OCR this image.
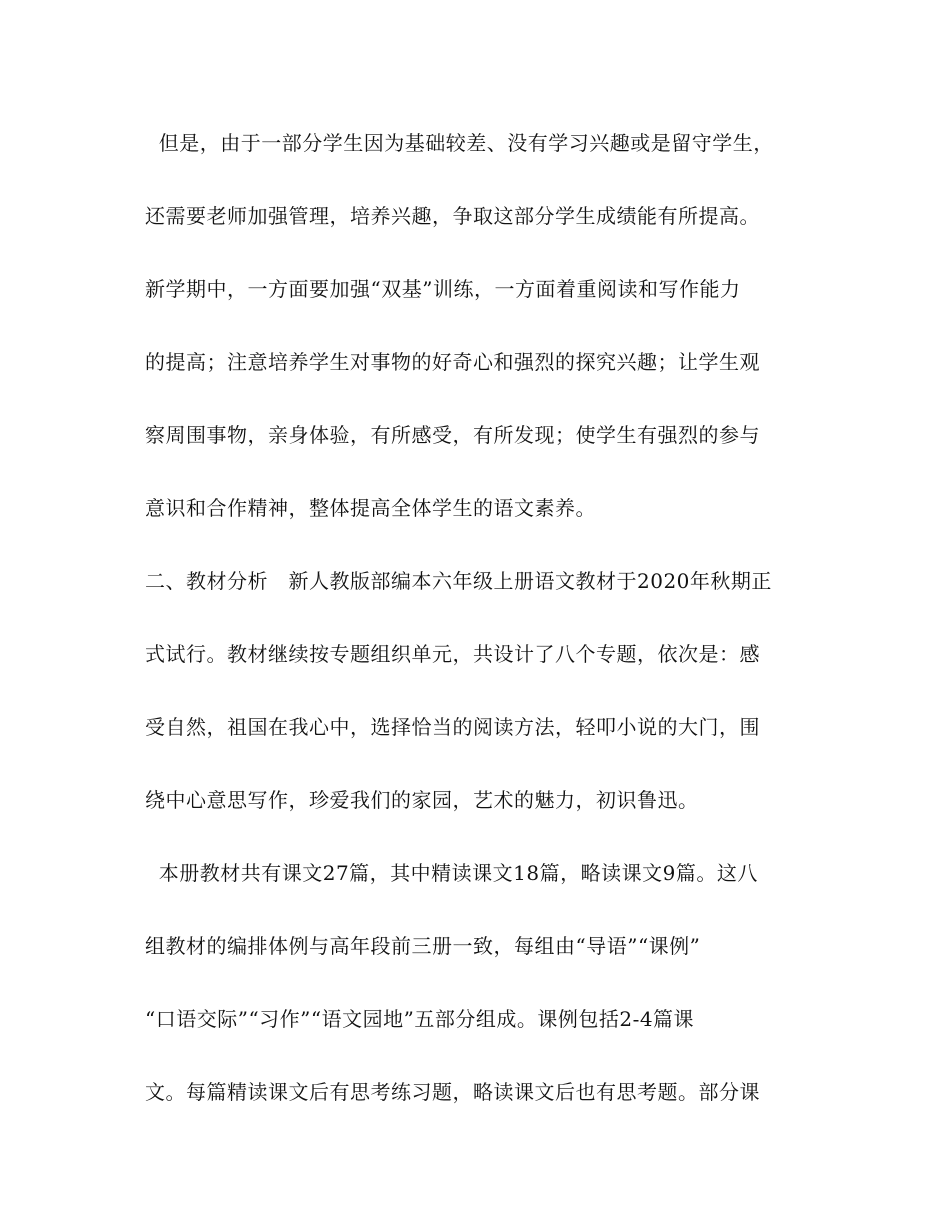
但是，由于一部分学生因为基础较差、没有学习兴趣或是留守学生，
还需要老师加强管理，培养兴趣，争取这部分学生成绩能有所提高。
新学期中，一方面要加强“双基”训练，一方面着重阅读和写作能力
的提高；注意培养学生对事物的好奇心和强烈的探究兴趣；让学生观
察周围事物，亲身体验，有所感受，有所发现；使学生有强烈的参与
意识和合作精神，整体提高全体学生的语文素养。
二、教材分析　新人教版部编本六年级上册语文教材于2020年秋期正
式试行。教材继续按专题组织单元，共设计了八个专题，依次是：感
受自然，祖国在我心中，选择恰当的阅读方法，轻叩小说的大门，围
绕中心意思写作，珍爱我们的家园，艺术的魅力，初识鲁迅。
本册教材共有课文27篇，其中精读课文18篇，略读课文9篇。这八
组教材的编排体例与高年段前三册一致，每组由“导语”“课例”
“口语交际”“习作”“语文园地”五部分组成。课例包括2-4篇课
文。每篇精读课文后有思考练习题，略读课文后也有思考题。部分课
